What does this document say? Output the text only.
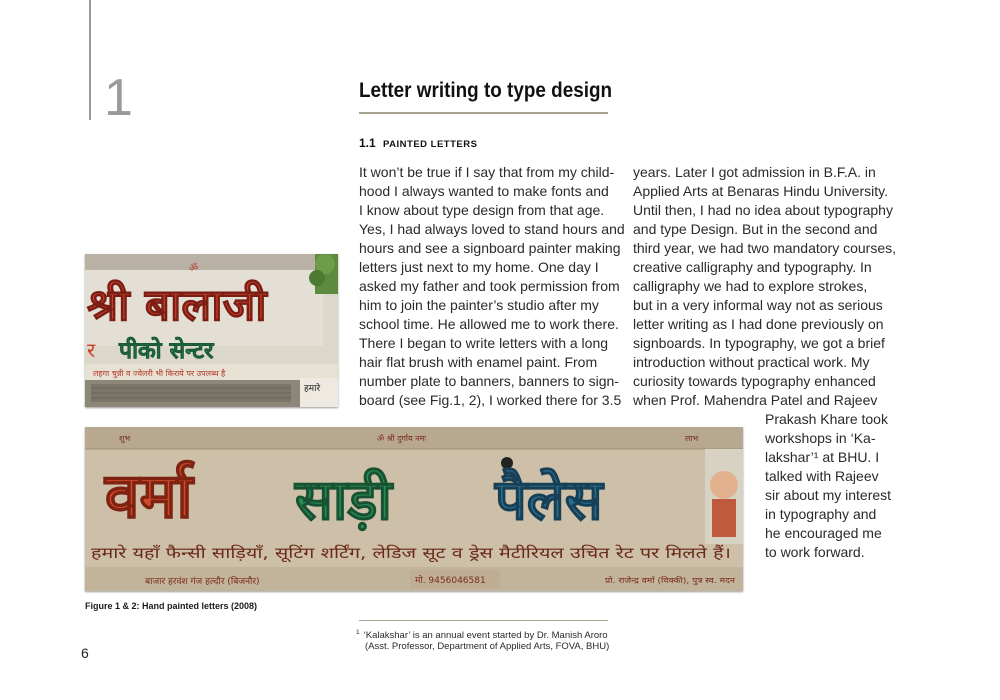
1	Letter writing to type design
1.1 PAINTED LETTERS
It won’t be true if I say that from my child-
hood I always wanted to make fonts and
I know about type design from that age.
Yes, I had always loved to stand hours and
hours and see a signboard painter making
letters just next to my home. One day I
asked my father and took permission from
him to join the painter’s studio after my
school time. He allowed me to work there.
There I began to write letters with a long
hair flat brush with enamel paint. From
number plate to banners, banners to sign-
board (see Fig.1, 2), I worked there for 3.5
years. Later I got admission in B.F.A. in
Applied Arts at Benaras Hindu University.
Until then, I had no idea about typography
and type Design. But in the second and
third year, we had two mandatory courses,
creative calligraphy and typography. In
calligraphy we had to explore strokes,
but in a very informal way not as serious
letter writing as I had done previously on
signboards. In typography, we got a brief
introduction without practical work. My
curiosity towards typography enhanced
when Prof. Mahendra Patel and Rajeev
Prakash Khare took
workshops in ‘Ka-
lakshar’¹ at BHU. I
talked with Rajeev
sir about my interest
in typography and
he encouraged me
to work forward.
ॐ
श्री बालाजी
र पीको सेन्टर
लहगा चुन्नी व ज्वेलरी भी किराये पर उपलब्ध है
हमारे
शुभ	ॐ श्री दुर्गाय नमः	लाभ
वर्मा साड़ी पैलेस
हमारे यहाँ फैन्सी साड़ियाँ, सूटिंग शर्टिंग, लेडिज सूट व ड्रेस मैटीरियल उचित रेट पर मिलते हैं।
बाजार हरवंश गंज हल्दौर (बिजनौर)	मो. 9456046581	प्रो. राजेन्द्र वर्मा (विक्की), पुत्र स्व. मदन
Figure 1 & 2: Hand painted letters (2008)
$^1$ ‘Kalakshar’ is an annual event started by Dr. Manish Aroro
(Asst. Professor, Department of Applied Arts, FOVA, BHU)
6
